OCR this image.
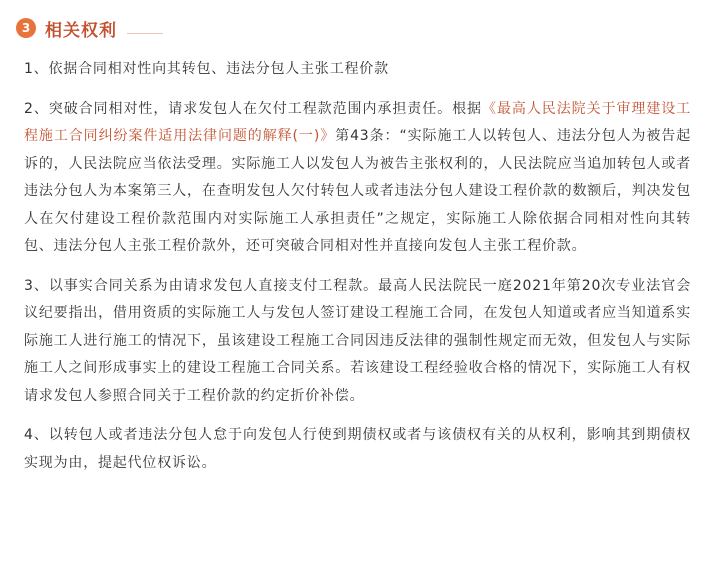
3 相关权利

1、依据合同相对性向其转包、违法分包人主张工程价款

2、突破合同相对性，请求发包人在欠付工程款范围内承担责任。根据《最高人民法院关于审理建设工程施工合同纠纷案件适用法律问题的解释(一)》第43条：“实际施工人以转包人、违法分包人为被告起诉的，人民法院应当依法受理。实际施工人以发包人为被告主张权利的，人民法院应当追加转包人或者违法分包人为本案第三人，在查明发包人欠付转包人或者违法分包人建设工程价款的数额后，判决发包人在欠付建设工程价款范围内对实际施工人承担责任”之规定，实际施工人除依据合同相对性向其转包、违法分包人主张工程价款外，还可突破合同相对性并直接向发包人主张工程价款。

3、以事实合同关系为由请求发包人直接支付工程款。最高人民法院民一庭2021年第20次专业法官会议纪要指出，借用资质的实际施工人与发包人签订建设工程施工合同，在发包人知道或者应当知道系实际施工人进行施工的情况下，虽该建设工程施工合同因违反法律的强制性规定而无效，但发包人与实际施工人之间形成事实上的建设工程施工合同关系。若该建设工程经验收合格的情况下，实际施工人有权请求发包人参照合同关于工程价款的约定折价补偿。

4、以转包人或者违法分包人怠于向发包人行使到期债权或者与该债权有关的从权利，影响其到期债权实现为由，提起代位权诉讼。
